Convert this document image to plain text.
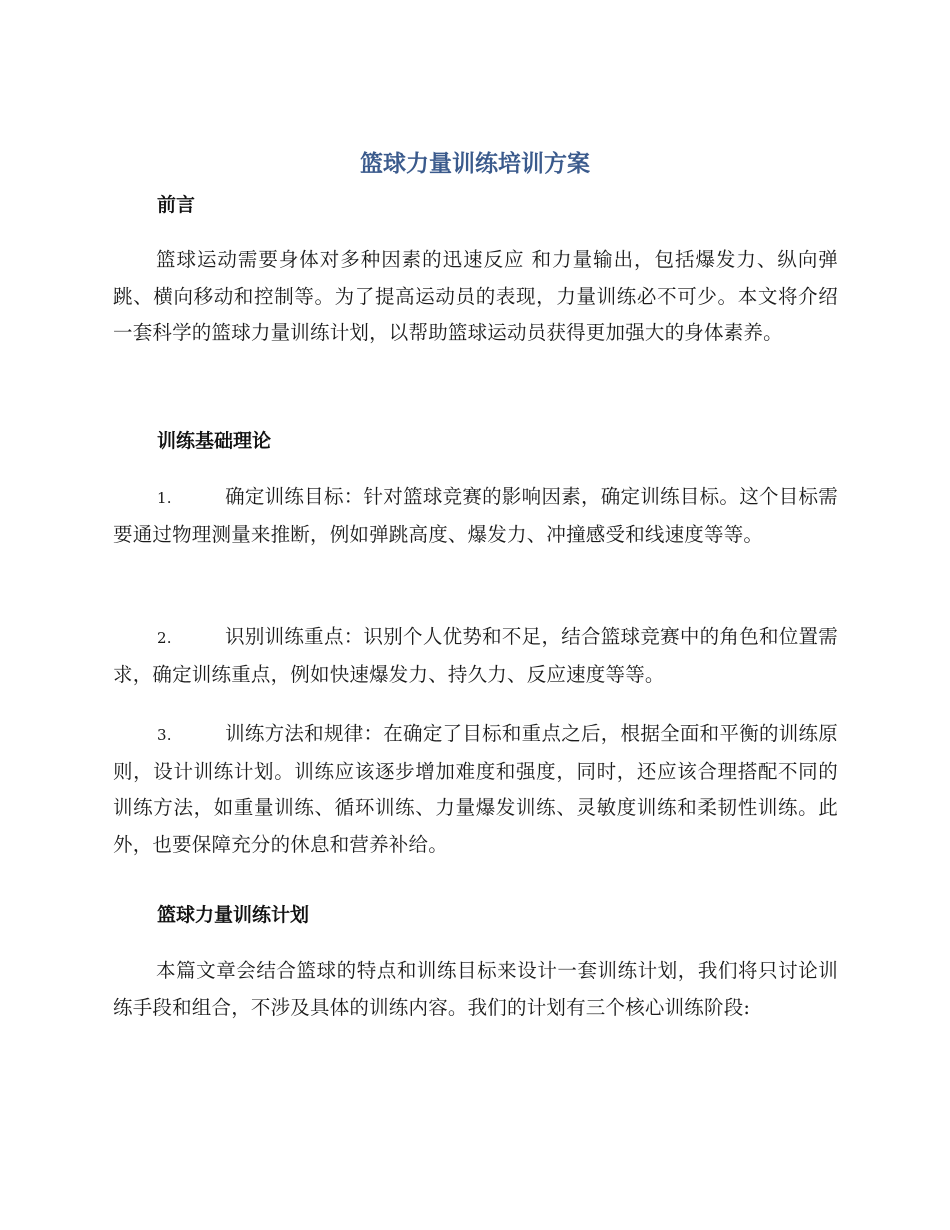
篮球力量训练培训方案
前言

篮球运动需要身体对多种因素的迅速反应 和力量输出，包括爆发力、纵向弹跳、横向移动和控制等。为了提高运动员的表现，力量训练必不可少。本文将介绍一套科学的篮球力量训练计划，以帮助篮球运动员获得更加强大的身体素养。

训练基础理论

1.	确定训练目标：针对篮球竞赛的影响因素，确定训练目标。这个目标需要通过物理测量来推断，例如弹跳高度、爆发力、冲撞感受和线速度等等。

2.	识别训练重点：识别个人优势和不足，结合篮球竞赛中的角色和位置需求，确定训练重点，例如快速爆发力、持久力、反应速度等等。

3.	训练方法和规律：在确定了目标和重点之后，根据全面和平衡的训练原则，设计训练计划。训练应该逐步增加难度和强度，同时，还应该合理搭配不同的训练方法，如重量训练、循环训练、力量爆发训练、灵敏度训练和柔韧性训练。此外，也要保障充分的休息和营养补给。

篮球力量训练计划

本篇文章会结合篮球的特点和训练目标来设计一套训练计划，我们将只讨论训练手段和组合，不涉及具体的训练内容。我们的计划有三个核心训练阶段:
